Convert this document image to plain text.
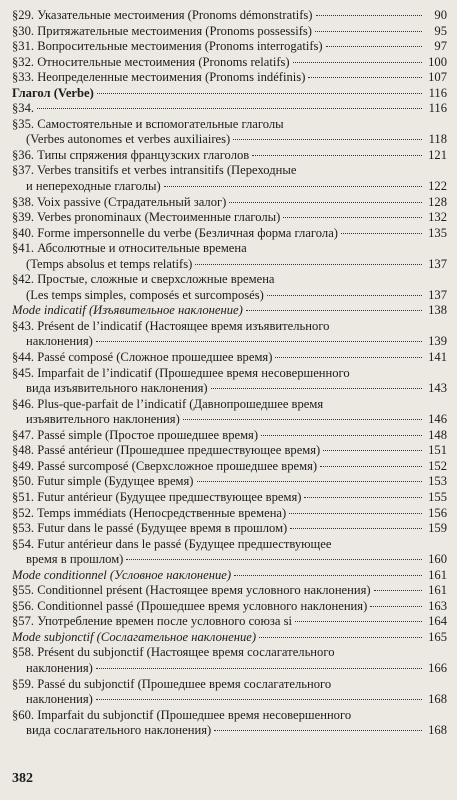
§29. Указательные местоимения (Pronoms démonstratifs)	90
§30. Притяжательные местоимения (Pronoms possessifs)	95
§31. Вопросительные местоимения (Pronoms interrogatifs)	97
§32. Относительные местоимения (Pronoms relatifs)	100
§33. Неопределенные местоимения (Pronoms indéfinis)	107
Глагол (Verbe)	116
§34.	116
§35. Самостоятельные и вспомогательные глаголы
(Verbes autonomes et verbes auxiliaires)	118
§36. Типы спряжения французских глаголов	121
§37. Verbes transitifs et verbes intransitifs (Переходные
и непереходные глаголы)	122
§38. Voix passive (Страдательный залог)	128
§39. Verbes pronominaux (Местоименные глаголы)	132
§40. Forme impersonnelle du verbe (Безличная форма глагола)	135
§41. Абсолютные и относительные времена
(Temps absolus et temps relatifs)	137
§42. Простые, сложные и сверхсложные времена
(Les temps simples, composés et surcomposés)	137
Mode indicatif (Изъявительное наклонение)	138
§43. Présent de l’indicatif (Настоящее время изъявительного
наклонения)	139
§44. Passé composé (Сложное прошедшее время)	141
§45. Imparfait de l’indicatif (Прошедшее время несовершенного
вида изъявительного наклонения)	143
§46. Plus-que-parfait de l’indicatif (Давнопрошедшее время
изъявительного наклонения)	146
§47. Passé simple (Простое прошедшее время)	148
§48. Passé antérieur (Прошедшее предшествующее время)	151
§49. Passé surcomposé (Сверхсложное прошедшее время)	152
§50. Futur simple (Будущее время)	153
§51. Futur antérieur (Будущее предшествующее время)	155
§52. Temps immédiats (Непосредственные времена)	156
§53. Futur dans le passé (Будущее время в прошлом)	159
§54. Futur antérieur dans le passé (Будущее предшествующее
время в прошлом)	160
Mode conditionnel (Условное наклонение)	161
§55. Conditionnel présent (Настоящее время условного наклонения)	161
§56. Conditionnel passé (Прошедшее время условного наклонения)	163
§57. Употребление времен после условного союза si	164
Mode subjonctif (Сослагательное наклонение)	165
§58. Présent du subjonctif (Настоящее время сослагательного
наклонения)	166
§59. Passé du subjonctif (Прошедшее время сослагательного
наклонения)	168
§60. Imparfait du subjonctif (Прошедшее время несовершенного
вида сослагательного наклонения)	168
382
